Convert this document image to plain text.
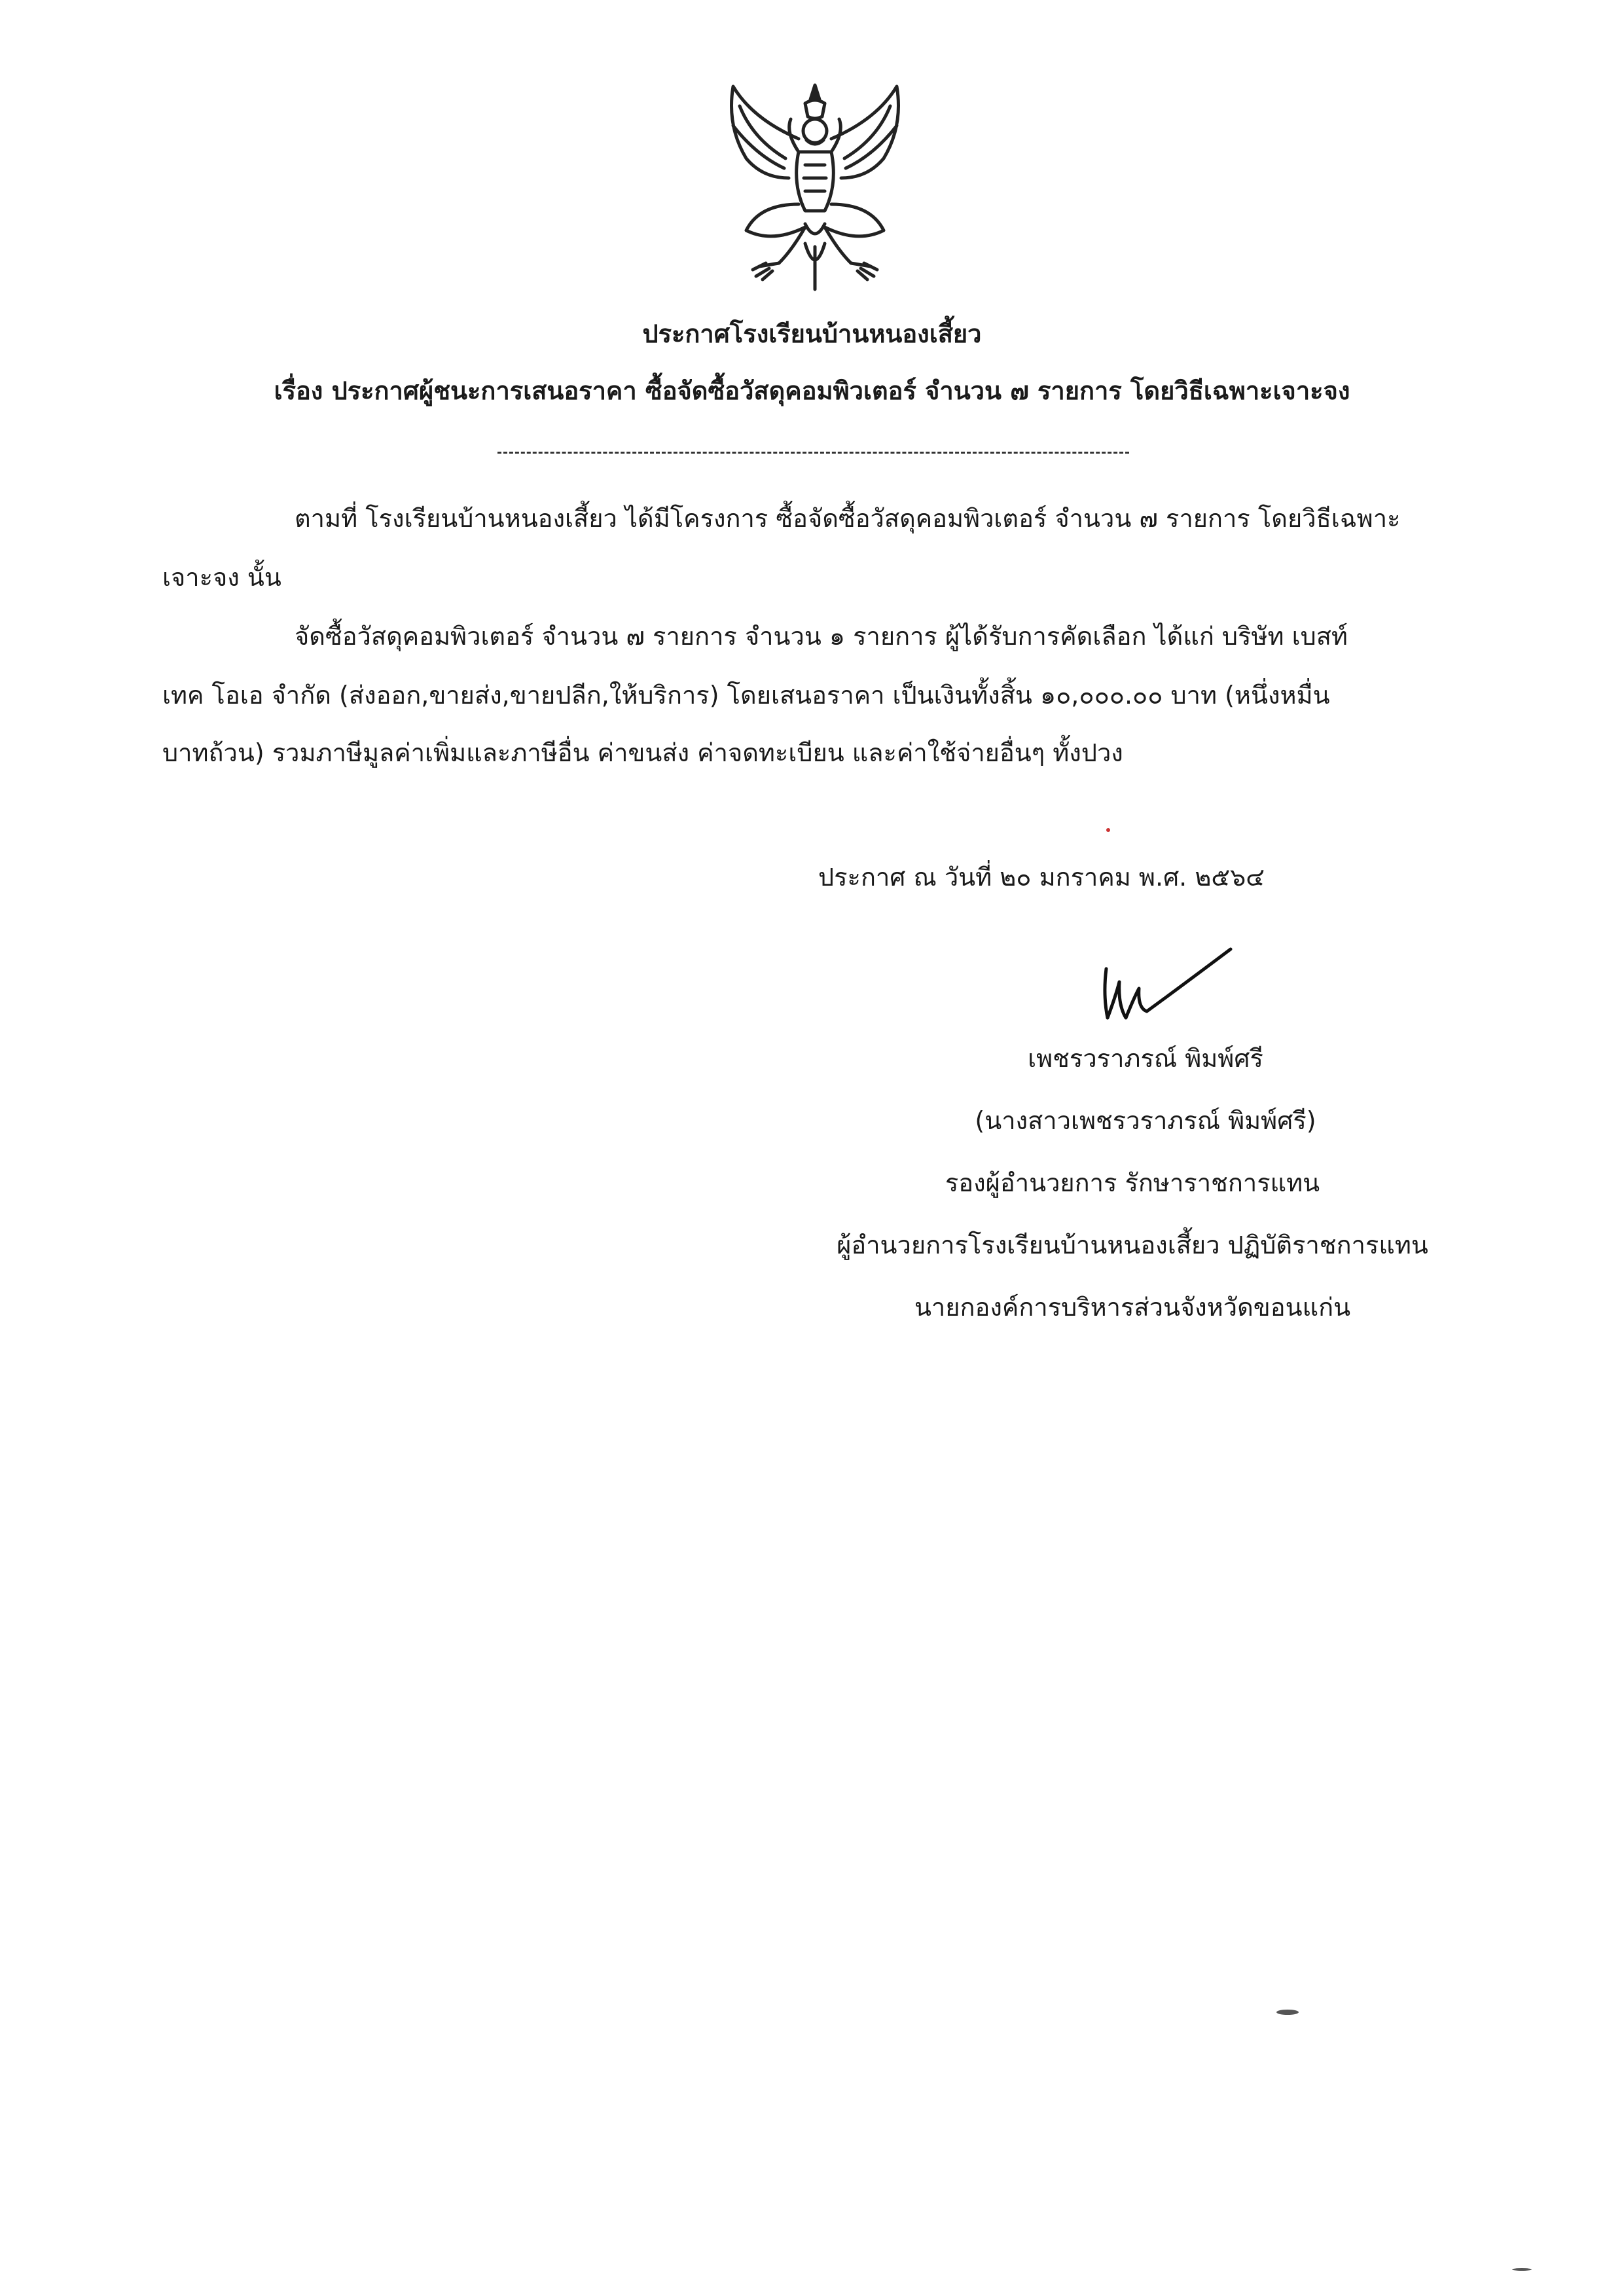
ประกาศโรงเรียนบ้านหนองเสี้ยว
เรื่อง ประกาศผู้ชนะการเสนอราคา ซื้อจัดซื้อวัสดุคอมพิวเตอร์ จำนวน ๗ รายการ โดยวิธีเฉพาะเจาะจง
ตามที่ โรงเรียนบ้านหนองเสี้ยว ได้มีโครงการ ซื้อจัดซื้อวัสดุคอมพิวเตอร์ จำนวน ๗ รายการ โดยวิธีเฉพาะ
เจาะจง นั้น
จัดซื้อวัสดุคอมพิวเตอร์ จำนวน ๗ รายการ จำนวน ๑ รายการ ผู้ได้รับการคัดเลือก ได้แก่ บริษัท เบสท์
เทค โอเอ จำกัด (ส่งออก,ขายส่ง,ขายปลีก,ให้บริการ) โดยเสนอราคา เป็นเงินทั้งสิ้น ๑๐,๐๐๐.๐๐ บาท (หนึ่งหมื่น
บาทถ้วน) รวมภาษีมูลค่าเพิ่มและภาษีอื่น ค่าขนส่ง ค่าจดทะเบียน และค่าใช้จ่ายอื่นๆ ทั้งปวง
ประกาศ ณ วันที่ ๒๐ มกราคม พ.ศ. ๒๕๖๔
เพชรวราภรณ์ พิมพ์ศรี
(นางสาวเพชรวราภรณ์ พิมพ์ศรี)
รองผู้อำนวยการ รักษาราชการแทน
ผู้อำนวยการโรงเรียนบ้านหนองเสี้ยว ปฏิบัติราชการแทน
นายกองค์การบริหารส่วนจังหวัดขอนแก่น
